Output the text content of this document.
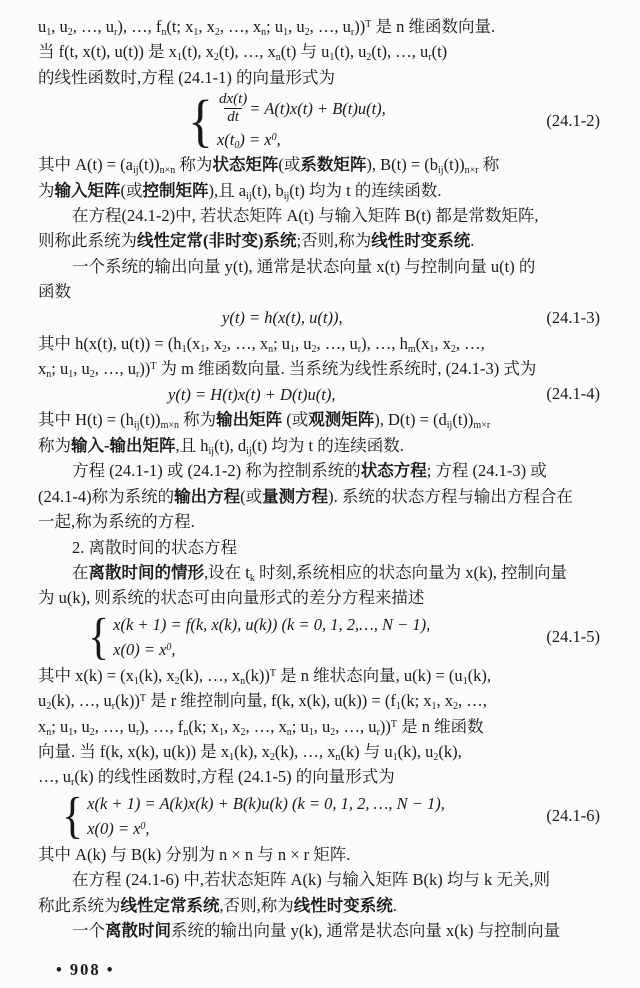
$u_1$, $u_2$, …, $u_r$), …, $f_n(t$; $x_1$, $x_2$, …, $x_n$; $u_1$, $u_2$, …, $u_r))^T$ 是 n 维函数向量.
当 f(t, x(t), u(t)) 是 $x_1(t)$, $x_2(t)$, …, $x_n(t)$ 与 $u_1(t)$, $u_2(t)$, …, $u_r(t)$
的线性函数时,方程 (24.1-1) 的向量形式为
{ $\frac{dx(t)}{dt} = A(t)x(t) + B(t)u(t)$,
$x(t_0) = x^0$,
(24.1-2)
其中 $A(t) = (a_{ij}(t))_{n\times n}$ 称为状态矩阵(或系数矩阵), $B(t) = (b_{ij}(t))_{n\times r}$ 称
为输入矩阵(或控制矩阵),且 $a_{ij}(t)$, $b_{ij}(t)$ 均为 t 的连续函数.
在方程(24.1-2)中, 若状态矩阵 A(t) 与输入矩阵 B(t) 都是常数矩阵,
则称此系统为线性定常(非时变)系统;否则,称为线性时变系统.
一个系统的输出向量 y(t), 通常是状态向量 x(t) 与控制向量 u(t) 的
函数
y(t) = h(x(t), u(t)),	(24.1-3)
其中 h(x(t), $u(t)) = (h_1(x_1$, $x_2$, …, $x_n$; $u_1$, $u_2$, …, $u_r$), …, $h_m(x_1$, $x_2$, …,
$x_n$; $u_1$, $u_2$, …, $u_r))^T$ 为 m 维函数向量. 当系统为线性系统时, (24.1-3) 式为
y(t) = H(t)x(t) + D(t)u(t),	(24.1-4)
其中 $H(t) = (h_{ij}(t))_{m\times n}$ 称为输出矩阵 (或观测矩阵), $D(t) = (d_{ij}(t))_{m\times r}$
称为输入-输出矩阵,且 $h_{ij}(t)$, $d_{ij}(t)$ 均为 t 的连续函数.
方程 (24.1-1) 或 (24.1-2) 称为控制系统的状态方程; 方程 (24.1-3) 或
(24.1-4)称为系统的输出方程(或量测方程). 系统的状态方程与输出方程合在
一起,称为系统的方程.
2. 离散时间的状态方程
在离散时间的情形,设在 $t_k$ 时刻,系统相应的状态向量为 x(k), 控制向量
为 u(k), 则系统的状态可由向量形式的差分方程来描述
{ x(k + 1) = f(k, x(k), u(k)) (k = 0, 1, 2,…, N − 1),
$x(0) = x^0$,
(24.1-5)
其中 $x(k) = (x_1(k)$, $x_2(k)$, …, $x_n(k))^T$ 是 n 维状态向量, $u(k) = (u_1(k)$,
$u_2(k)$, …, $u_r(k))^T$ 是 r 维控制向量, f(k, x(k), $u(k)) = (f_1(k$; $x_1$, $x_2$, …,
$x_n$; $u_1$, $u_2$, …, $u_r$), …, $f_n(k$; $x_1$, $x_2$, …, $x_n$; $u_1$, $u_2$, …, $u_r))^T$ 是 n 维函数
向量. 当 f(k, x(k), u(k)) 是 $x_1(k)$, $x_2(k)$, …, $x_n(k)$ 与 $u_1(k)$, $u_2(k)$,
…, $u_r(k)$ 的线性函数时,方程 (24.1-5) 的向量形式为
{ x(k + 1) = A(k)x(k) + B(k)u(k) (k = 0, 1, 2, …, N − 1),
$x(0) = x^0$,
(24.1-6)
其中 A(k) 与 B(k) 分别为 n × n 与 n × r 矩阵.
在方程 (24.1-6) 中,若状态矩阵 A(k) 与输入矩阵 B(k) 均与 k 无关,则
称此系统为线性定常系统,否则,称为线性时变系统.
一个离散时间系统的输出向量 y(k), 通常是状态向量 x(k) 与控制向量
• 908 •
